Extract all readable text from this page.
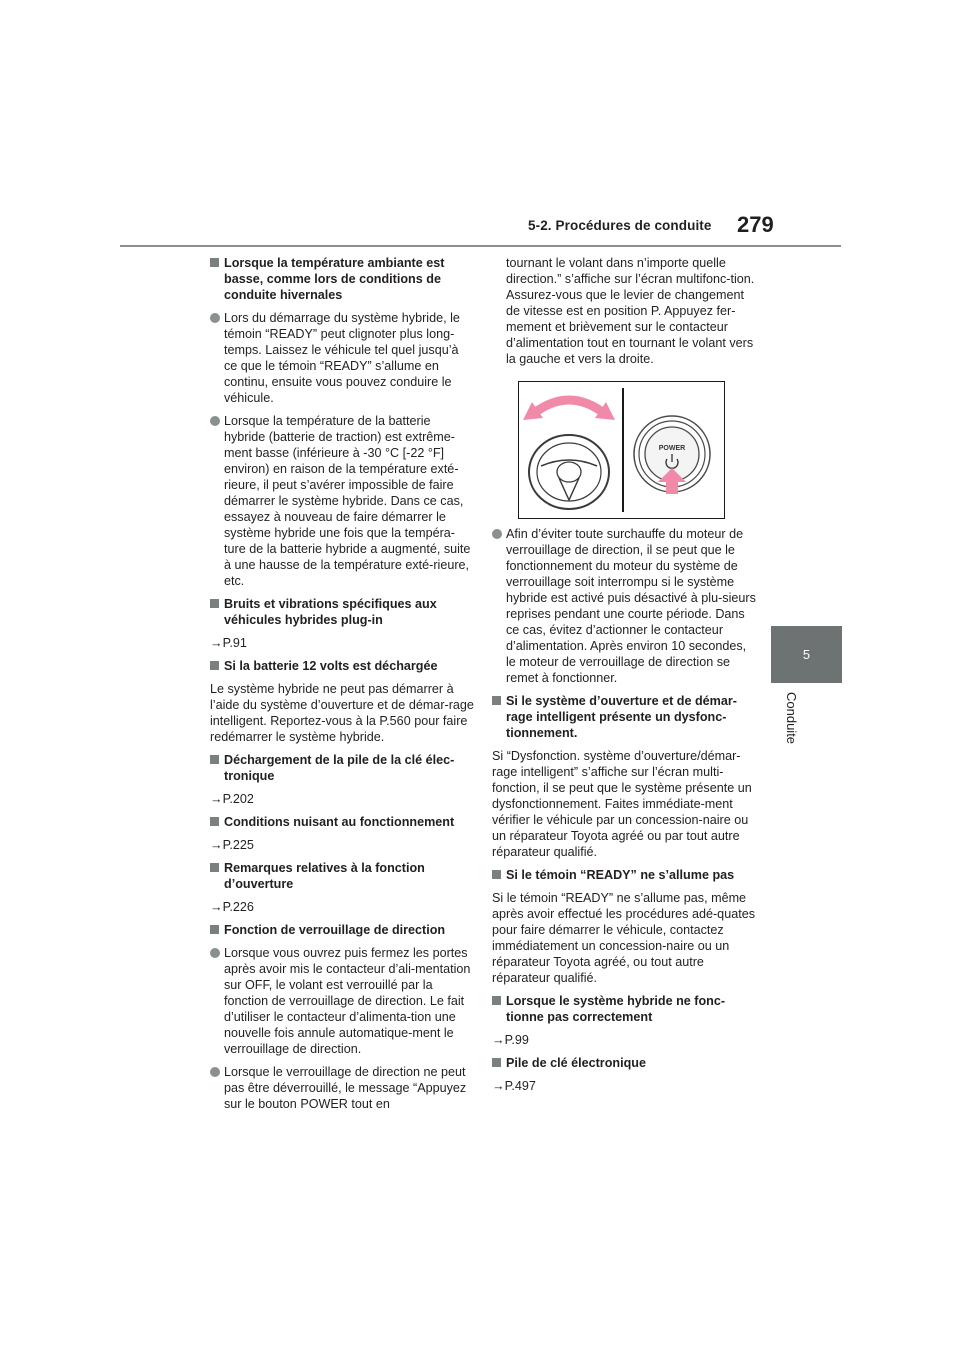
5-2. Procédures de conduite 279
5
Conduite
Lorsque la température ambiante est basse, comme lors de conditions de conduite hivernales
Lors du démarrage du système hybride, le témoin “READY” peut clignoter plus long-temps. Laissez le véhicule tel quel jusqu’à ce que le témoin “READY” s’allume en continu, ensuite vous pouvez conduire le véhicule.
Lorsque la température de la batterie hybride (batterie de traction) est extrême-ment basse (inférieure à -30 °C [-22 °F] environ) en raison de la température exté-rieure, il peut s’avérer impossible de faire démarrer le système hybride. Dans ce cas, essayez à nouveau de faire démarrer le système hybride une fois que la tempéra-ture de la batterie hybride a augmenté, suite à une hausse de la température exté-rieure, etc.
Bruits et vibrations spécifiques aux véhicules hybrides plug-in
→P.91
Si la batterie 12 volts est déchargée
Le système hybride ne peut pas démarrer à l’aide du système d’ouverture et de démar-rage intelligent. Reportez-vous à la P.560 pour faire redémarrer le système hybride.
Déchargement de la pile de la clé élec-tronique
→P.202
Conditions nuisant au fonctionnement
→P.225
Remarques relatives à la fonction d’ouverture
→P.226
Fonction de verrouillage de direction
Lorsque vous ouvrez puis fermez les portes après avoir mis le contacteur d’ali-mentation sur OFF, le volant est verrouillé par la fonction de verrouillage de direction. Le fait d’utiliser le contacteur d’alimenta-tion une nouvelle fois annule automatique-ment le verrouillage de direction.
Lorsque le verrouillage de direction ne peut pas être déverrouillé, le message “Appuyez sur le bouton POWER tout en
tournant le volant dans n’importe quelle direction.” s’affiche sur l’écran multifonc-tion.
Assurez-vous que le levier de changement de vitesse est en position P. Appuyez fer-mement et brièvement sur le contacteur d’alimentation tout en tournant le volant vers la gauche et vers la droite.
POWER
Afin d’éviter toute surchauffe du moteur de verrouillage de direction, il se peut que le fonctionnement du moteur du système de verrouillage soit interrompu si le système hybride est activé puis désactivé à plu-sieurs reprises pendant une courte période. Dans ce cas, évitez d’actionner le contacteur d’alimentation. Après environ 10 secondes, le moteur de verrouillage de direction se remet à fonctionner.
Si le système d’ouverture et de démar-rage intelligent présente un dysfonc-tionnement.
Si “Dysfonction. système d’ouverture/démar-rage intelligent” s’affiche sur l’écran multi-fonction, il se peut que le système présente un dysfonctionnement. Faites immédiate-ment vérifier le véhicule par un concession-naire ou un réparateur Toyota agréé ou par tout autre réparateur qualifié.
Si le témoin “READY” ne s’allume pas
Si le témoin “READY” ne s’allume pas, même après avoir effectué les procédures adé-quates pour faire démarrer le véhicule, contactez immédiatement un concession-naire ou un réparateur Toyota agréé, ou tout autre réparateur qualifié.
Lorsque le système hybride ne fonc-tionne pas correctement
→P.99
Pile de clé électronique
→P.497
